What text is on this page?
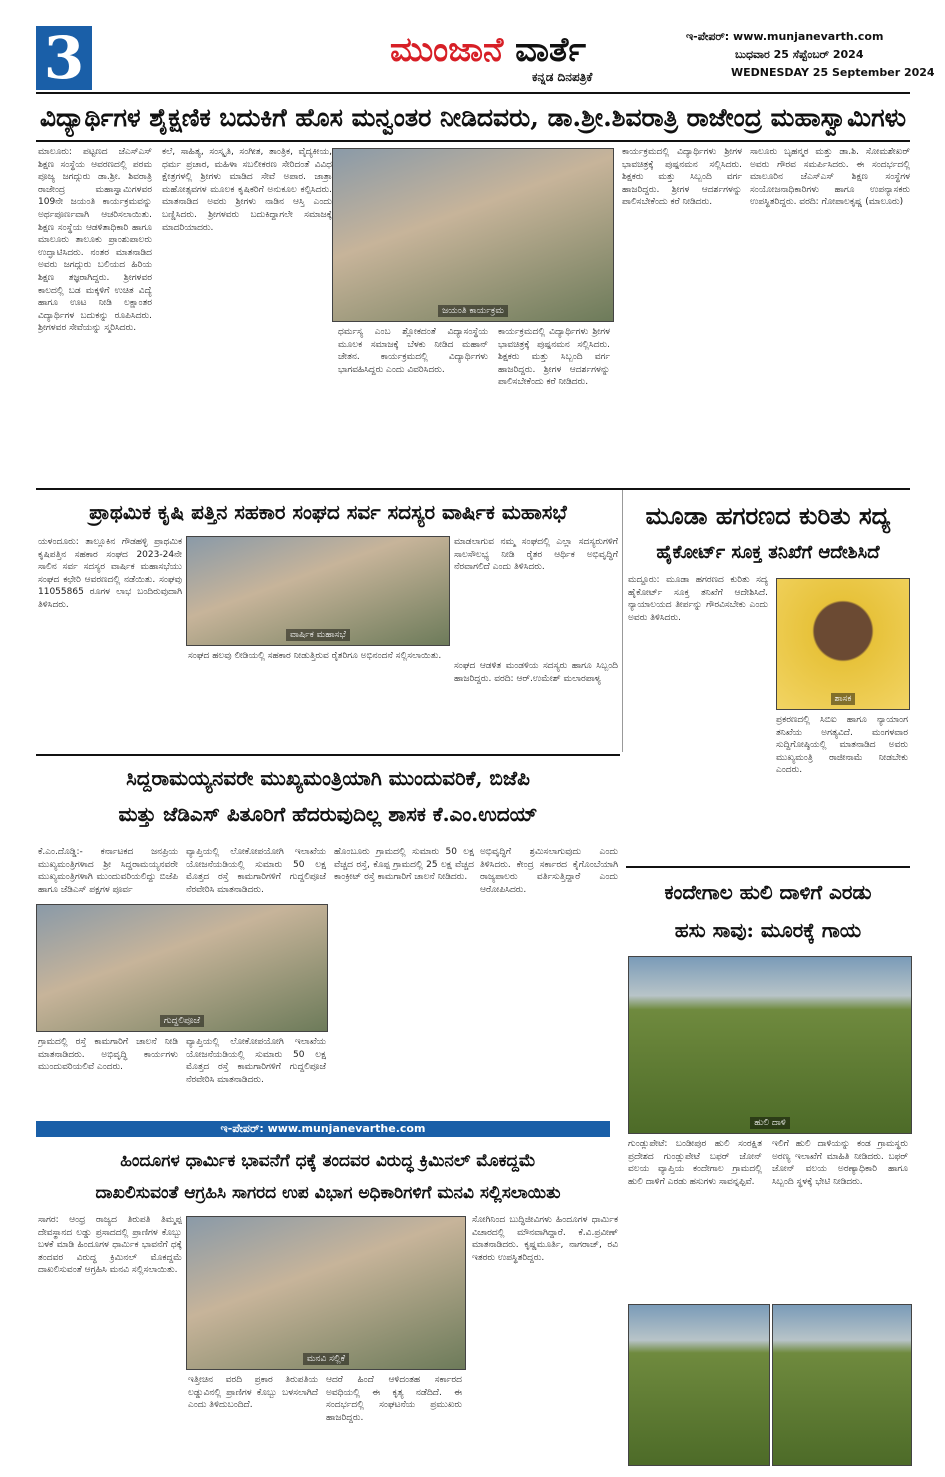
3	ಮುಂಜಾನೆ ವಾರ್ತೆ
ಕನ್ನಡ ದಿನಪತ್ರಿಕೆ
ಇ-ಪೇಪರ್: www.munjanevarth.com
ಬುಧವಾರ 25 ಸೆಪ್ಟೆಂಬರ್ 2024
WEDNESDAY 25 September 2024
ವಿದ್ಯಾರ್ಥಿಗಳ ಶೈಕ್ಷಣಿಕ ಬದುಕಿಗೆ ಹೊಸ ಮನ್ವಂತರ ನೀಡಿದವರು, ಡಾ.ಶ್ರೀ.ಶಿವರಾತ್ರಿ ರಾಜೇಂದ್ರ ಮಹಾಸ್ವಾಮಿಗಳು
ಮಾಲೂರು: ಪಟ್ಟಣದ ಜೆಎಸ್ಎಸ್ ಶಿಕ್ಷಣ ಸಂಸ್ಥೆಯ ಆವರಣದಲ್ಲಿ ಪರಮ ಪೂಜ್ಯ ಜಗದ್ಗುರು ಡಾ.ಶ್ರೀ. ಶಿವರಾತ್ರಿ ರಾಜೇಂದ್ರ ಮಹಾಸ್ವಾಮಿಗಳವರ 109ನೇ ಜಯಂತಿ ಕಾರ್ಯಕ್ರಮವನ್ನು ಅರ್ಥಪೂರ್ಣವಾಗಿ ಆಚರಿಸಲಾಯಿತು. ಶಿಕ್ಷಣ ಸಂಸ್ಥೆಯ ಆಡಳಿತಾಧಿಕಾರಿ ಹಾಗೂ ಮಾಲೂರು ತಾಲೂಕು ಪ್ರಾಂಶುಪಾಲರು ಉದ್ಘಾಟಿಸಿದರು. ನಂತರ ಮಾತನಾಡಿದ ಅವರು ಜಗದ್ಗುರು ಬಲಿಯದ ಹಿರಿಯ ಶಿಕ್ಷಣ ತಜ್ಞರಾಗಿದ್ದರು. ಶ್ರೀಗಳವರ ಕಾಲದಲ್ಲಿ ಬಡ ಮಕ್ಕಳಿಗೆ ಉಚಿತ ವಿದ್ಯೆ ಹಾಗೂ ಊಟ ನೀಡಿ ಲಕ್ಷಾಂತರ ವಿದ್ಯಾರ್ಥಿಗಳ ಬದುಕನ್ನು ರೂಪಿಸಿದರು. ಶ್ರೀಗಳವರ ಸೇವೆಯನ್ನು ಸ್ಮರಿಸಿದರು.
ಕಲೆ, ಸಾಹಿತ್ಯ, ಸಂಸ್ಕೃತಿ, ಸಂಗೀತ, ತಾಂತ್ರಿಕ, ವೈದ್ಯಕೀಯ, ಧರ್ಮ ಪ್ರಚಾರ, ಮಹಿಳಾ ಸಬಲೀಕರಣ ಸೇರಿದಂತೆ ವಿವಿಧ ಕ್ಷೇತ್ರಗಳಲ್ಲಿ ಶ್ರೀಗಳು ಮಾಡಿದ ಸೇವೆ ಅಪಾರ. ಜಾತ್ರಾ ಮಹೋತ್ಸವಗಳ ಮೂಲಕ ಕೃಷಿಕರಿಗೆ ಅನುಕೂಲ ಕಲ್ಪಿಸಿದರು. ಮಾತನಾಡಿದ ಅವರು ಶ್ರೀಗಳು ನಾಡಿನ ಆಸ್ತಿ ಎಂದು ಬಣ್ಣಿಸಿದರು. ಶ್ರೀಗಳವರು ಬದುಕಿದ್ದಾಗಲೇ ಸಮಾಜಕ್ಕೆ ಮಾದರಿಯಾದರು.
ಜಯಂತಿ ಕಾರ್ಯಕ್ರಮ
ಧರ್ಮಸ್ಯ ಎಂಬ ಶ್ಲೋಕದಂತೆ ವಿದ್ಯಾಸಂಸ್ಥೆಯ ಮೂಲಕ ಸಮಾಜಕ್ಕೆ ಬೆಳಕು ನೀಡಿದ ಮಹಾನ್ ಚೇತನ. ಕಾರ್ಯಕ್ರಮದಲ್ಲಿ ವಿದ್ಯಾರ್ಥಿಗಳು ಭಾಗವಹಿಸಿದ್ದರು ಎಂದು ವಿವರಿಸಿದರು.
ಕಾರ್ಯಕ್ರಮದಲ್ಲಿ ವಿದ್ಯಾರ್ಥಿಗಳು ಶ್ರೀಗಳ ಭಾವಚಿತ್ರಕ್ಕೆ ಪುಷ್ಪನಮನ ಸಲ್ಲಿಸಿದರು. ಶಿಕ್ಷಕರು ಮತ್ತು ಸಿಬ್ಬಂದಿ ವರ್ಗ ಹಾಜರಿದ್ದರು. ಶ್ರೀಗಳ ಆದರ್ಶಗಳನ್ನು ಪಾಲಿಸಬೇಕೆಂದು ಕರೆ ನೀಡಿದರು.
ಕಾರ್ಯಕ್ರಮದಲ್ಲಿ ವಿದ್ಯಾರ್ಥಿಗಳು ಶ್ರೀಗಳ ಭಾವಚಿತ್ರಕ್ಕೆ ಪುಷ್ಪನಮನ ಸಲ್ಲಿಸಿದರು. ಶಿಕ್ಷಕರು ಮತ್ತು ಸಿಬ್ಬಂದಿ ವರ್ಗ ಹಾಜರಿದ್ದರು. ಶ್ರೀಗಳ ಆದರ್ಶಗಳನ್ನು ಪಾಲಿಸಬೇಕೆಂದು ಕರೆ ನೀಡಿದರು.
ಸಾಲೂರು ಬೃಹನ್ಮಠ ಮತ್ತು ಡಾ.ಶಿ. ಸೋಮಶೇಖರ್ ಅವರು ಗೌರವ ಸಮರ್ಪಿಸಿದರು. ಈ ಸಂದರ್ಭದಲ್ಲಿ ಮಾಲೂರಿನ ಜೆಎಸ್ಎಸ್ ಶಿಕ್ಷಣ ಸಂಸ್ಥೆಗಳ ಸಂಯೋಜನಾಧಿಕಾರಿಗಳು ಹಾಗೂ ಉಪನ್ಯಾಸಕರು ಉಪಸ್ಥಿತರಿದ್ದರು. ವರದಿ: ಗೋಪಾಲಕೃಷ್ಣ (ಮಾಲೂರು)
ಪ್ರಾಥಮಿಕ ಕೃಷಿ ಪತ್ತಿನ ಸಹಕಾರ ಸಂಘದ ಸರ್ವ ಸದಸ್ಯರ ವಾರ್ಷಿಕ ಮಹಾಸಭೆ
ಯಳಂದೂರು: ತಾಲ್ಲೂಕಿನ ಗೌಡಹಳ್ಳಿ ಪ್ರಾಥಮಿಕ ಕೃಷಿಪತ್ತಿನ ಸಹಕಾರ ಸಂಘದ 2023-24ನೇ ಸಾಲಿನ ಸರ್ವ ಸದಸ್ಯರ ವಾರ್ಷಿಕ ಮಹಾಸಭೆಯು ಸಂಘದ ಕಛೇರಿ ಆವರಣದಲ್ಲಿ ನಡೆಯಿತು. ಸಂಘವು 11055865 ರೂಗಳ ಲಾಭ ಬಂದಿರುವುದಾಗಿ ತಿಳಿಸಿದರು.
ವಾರ್ಷಿಕ ಮಹಾಸಭೆ
ಸಂಘದ ಹಲವು ಲೀಡಿಯಲ್ಲಿ ಸಹಕಾರ ನೀಡುತ್ತಿರುವ ರೈತರಿಗೂ ಅಭಿನಂದನೆ ಸಲ್ಲಿಸಲಾಯಿತು.
ಮಾಡಲಾಗುವ ನಮ್ಮ ಸಂಘದಲ್ಲಿ ಎಲ್ಲಾ ಸದಸ್ಯರುಗಳಿಗೆ ಸಾಲಸೌಲಭ್ಯ ನೀಡಿ ರೈತರ ಆರ್ಥಿಕ ಅಭಿವೃದ್ಧಿಗೆ ನೆರವಾಗಲಿದೆ ಎಂದು ತಿಳಿಸಿದರು.
ಸಂಘದ ಆಡಳಿತ ಮಂಡಳಿಯ ಸದಸ್ಯರು ಹಾಗೂ ಸಿಬ್ಬಂದಿ ಹಾಜರಿದ್ದರು. ವರದಿ: ಆರ್.ಉಮೇಶ್ ಮಲಾರಪಾಳ್ಯ
ಮೂಡಾ ಹಗರಣದ ಕುರಿತು ಸದ್ಯ
ಹೈಕೋರ್ಟ್ ಸೂಕ್ತ ತನಿಖೆಗೆ ಆದೇಶಿಸಿದೆ
ಮದ್ದೂರು: ಮೂಡಾ ಹಗರಣದ ಕುರಿತು ಸದ್ಯ ಹೈಕೋರ್ಟ್ ಸೂಕ್ತ ತನಿಖೆಗೆ ಆದೇಶಿಸಿದೆ. ನ್ಯಾಯಾಲಯದ ತೀರ್ಪನ್ನು ಗೌರವಿಸಬೇಕು ಎಂದು ಅವರು ತಿಳಿಸಿದರು.
ಶಾಸಕ
ಪ್ರಕರಣದಲ್ಲಿ ಸಿಬಿಐ ಹಾಗೂ ನ್ಯಾಯಾಂಗ ತನಿಖೆಯ ಅಗತ್ಯವಿದೆ. ಮಂಗಳವಾರ ಸುದ್ದಿಗೋಷ್ಠಿಯಲ್ಲಿ ಮಾತನಾಡಿದ ಅವರು ಮುಖ್ಯಮಂತ್ರಿ ರಾಜೀನಾಮೆ ನೀಡಬೇಕು ಎಂದರು.
ಸಿದ್ದರಾಮಯ್ಯನವರೇ ಮುಖ್ಯಮಂತ್ರಿಯಾಗಿ ಮುಂದುವರಿಕೆ, ಬಿಜೆಪಿ
ಮತ್ತು ಜೆಡಿಎಸ್ ಪಿತೂರಿಗೆ ಹೆದರುವುದಿಲ್ಲ ಶಾಸಕ ಕೆ.ಎಂ.ಉದಯ್
ಕೆ.ಎಂ.ದೊಡ್ಡಿ:- ಕರ್ನಾಟಕದ ಜನಪ್ರಿಯ ಮುಖ್ಯಮಂತ್ರಿಗಳಾದ ಶ್ರೀ ಸಿದ್ದರಾಮಯ್ಯನವರೇ ಮುಖ್ಯಮಂತ್ರಿಗಳಾಗಿ ಮುಂದುವರಿಯಲಿದ್ದು ಬಿಜೆಪಿ ಹಾಗೂ ಜೆಡಿಎಸ್ ಪಕ್ಷಗಳ ಪೂರ್ವ
ವ್ಯಾಪ್ತಿಯಲ್ಲಿ ಲೋಕೋಪಯೋಗಿ ಇಲಾಖೆಯ ಯೋಜನೆಯಡಿಯಲ್ಲಿ ಸುಮಾರು 50 ಲಕ್ಷ ಮೊತ್ತದ ರಸ್ತೆ ಕಾಮಗಾರಿಗಳಿಗೆ ಗುದ್ದಲಿಪೂಜೆ ನೆರವೇರಿಸಿ ಮಾತನಾಡಿದರು.
ಗುದ್ದಲಿಪೂಜೆ
ಗ್ರಾಮದಲ್ಲಿ ರಸ್ತೆ ಕಾಮಗಾರಿಗೆ ಚಾಲನೆ ನೀಡಿ ಮಾತನಾಡಿದರು. ಅಭಿವೃದ್ಧಿ ಕಾರ್ಯಗಳು ಮುಂದುವರಿಯಲಿವೆ ಎಂದರು.
ವ್ಯಾಪ್ತಿಯಲ್ಲಿ ಲೋಕೋಪಯೋಗಿ ಇಲಾಖೆಯ ಯೋಜನೆಯಡಿಯಲ್ಲಿ ಸುಮಾರು 50 ಲಕ್ಷ ಮೊತ್ತದ ರಸ್ತೆ ಕಾಮಗಾರಿಗಳಿಗೆ ಗುದ್ದಲಿಪೂಜೆ ನೆರವೇರಿಸಿ ಮಾತನಾಡಿದರು.
ಹೊಂಬೂರು ಗ್ರಾಮದಲ್ಲಿ ಸುಮಾರು 50 ಲಕ್ಷ ವೆಚ್ಚದ ರಸ್ತೆ, ಕೊಪ್ಪ ಗ್ರಾಮದಲ್ಲಿ 25 ಲಕ್ಷ ವೆಚ್ಚದ ಕಾಂಕ್ರೀಟ್ ರಸ್ತೆ ಕಾಮಗಾರಿಗೆ ಚಾಲನೆ ನೀಡಿದರು.
ಅಭಿವೃದ್ಧಿಗೆ ಶ್ರಮಿಸಲಾಗುವುದು ಎಂದು ತಿಳಿಸಿದರು. ಕೇಂದ್ರ ಸರ್ಕಾರದ ಕೈಗೊಂಬೆಯಾಗಿ ರಾಜ್ಯಪಾಲರು ವರ್ತಿಸುತ್ತಿದ್ದಾರೆ ಎಂದು ಆರೋಪಿಸಿದರು.
ಇ-ಪೇಪರ್: www.munjanevarthe.com
ಕಂದೇಗಾಲ ಹುಲಿ ದಾಳಿಗೆ ಎರಡು
ಹಸು ಸಾವು: ಮೂರಕ್ಕೆ ಗಾಯ
ಹುಲಿ ದಾಳಿ
ಗುಂಡ್ಲುಪೇಟೆ: ಬಂಡೀಪುರ ಹುಲಿ ಸಂರಕ್ಷಿತ ಪ್ರದೇಶದ ಗುಂಡ್ಲುಪೇಟೆ ಬಫರ್ ಜೋನ್ ವಲಯ ವ್ಯಾಪ್ತಿಯ ಕಂದೇಗಾಲ ಗ್ರಾಮದಲ್ಲಿ ಹುಲಿ ದಾಳಿಗೆ ಎರಡು ಹಸುಗಳು ಸಾವನ್ನಪ್ಪಿವೆ.
ಇಲಿಗೆ ಹುಲಿ ದಾಳಿಯನ್ನು ಕಂಡ ಗ್ರಾಮಸ್ಥರು ಅರಣ್ಯ ಇಲಾಖೆಗೆ ಮಾಹಿತಿ ನೀಡಿದರು. ಬಫರ್ ಜೋನ್ ವಲಯ ಅರಣ್ಯಾಧಿಕಾರಿ ಹಾಗೂ ಸಿಬ್ಬಂದಿ ಸ್ಥಳಕ್ಕೆ ಭೇಟಿ ನೀಡಿದರು.
ಹಿಂದೂಗಳ ಧಾರ್ಮಿಕ ಭಾವನೆಗೆ ಧಕ್ಕೆ ತಂದವರ ವಿರುದ್ಧ ಕ್ರಿಮಿನಲ್ ಮೊಕದ್ದಮೆ
ದಾಖಲಿಸುವಂತೆ ಆಗ್ರಹಿಸಿ ಸಾಗರದ ಉಪ ವಿಭಾಗ ಅಧಿಕಾರಿಗಳಿಗೆ ಮನವಿ ಸಲ್ಲಿಸಲಾಯಿತು
ಸಾಗರ: ಆಂಧ್ರ ರಾಜ್ಯದ ತಿರುಪತಿ ತಿಮ್ಮಪ್ಪ ದೇವಸ್ಥಾನದ ಲಡ್ಡು ಪ್ರಸಾದದಲ್ಲಿ ಪ್ರಾಣಿಗಳ ಕೊಬ್ಬು ಬಳಕೆ ಮಾಡಿ ಹಿಂದೂಗಳ ಧಾರ್ಮಿಕ ಭಾವನೆಗೆ ಧಕ್ಕೆ ತಂದವರ ವಿರುದ್ಧ ಕ್ರಿಮಿನಲ್ ಮೊಕದ್ದಮೆ ದಾಖಲಿಸುವಂತೆ ಆಗ್ರಹಿಸಿ ಮನವಿ ಸಲ್ಲಿಸಲಾಯಿತು.
ಮನವಿ ಸಲ್ಲಿಕೆ
ಇತ್ತೀಚಿನ ವರದಿ ಪ್ರಕಾರ ತಿರುಪತಿಯ ಲಡ್ಡುವಿನಲ್ಲಿ ಪ್ರಾಣಿಗಳ ಕೊಬ್ಬು ಬಳಸಲಾಗಿದೆ ಎಂದು ತಿಳಿದುಬಂದಿದೆ.
ಆದರೆ ಹಿಂದೆ ಆಳಿದಂತಹ ಸರ್ಕಾರದ ಅವಧಿಯಲ್ಲಿ ಈ ಕೃತ್ಯ ನಡೆದಿದೆ. ಈ ಸಂದರ್ಭದಲ್ಲಿ ಸಂಘಟನೆಯ ಪ್ರಮುಖರು ಹಾಜರಿದ್ದರು.
ಸೋಗಿನಿಂದ ಬುದ್ಧಿಜೀವಿಗಳು ಹಿಂದೂಗಳ ಧಾರ್ಮಿಕ ವಿಚಾರದಲ್ಲಿ ಮೌನವಾಗಿದ್ದಾರೆ. ಕೆ.ವಿ.ಪ್ರವೀಣ್ ಮಾತನಾಡಿದರು. ಕೃಷ್ಣಮೂರ್ತಿ, ನಾಗರಾಜ್, ರವಿ ಇತರರು ಉಪಸ್ಥಿತರಿದ್ದರು.
